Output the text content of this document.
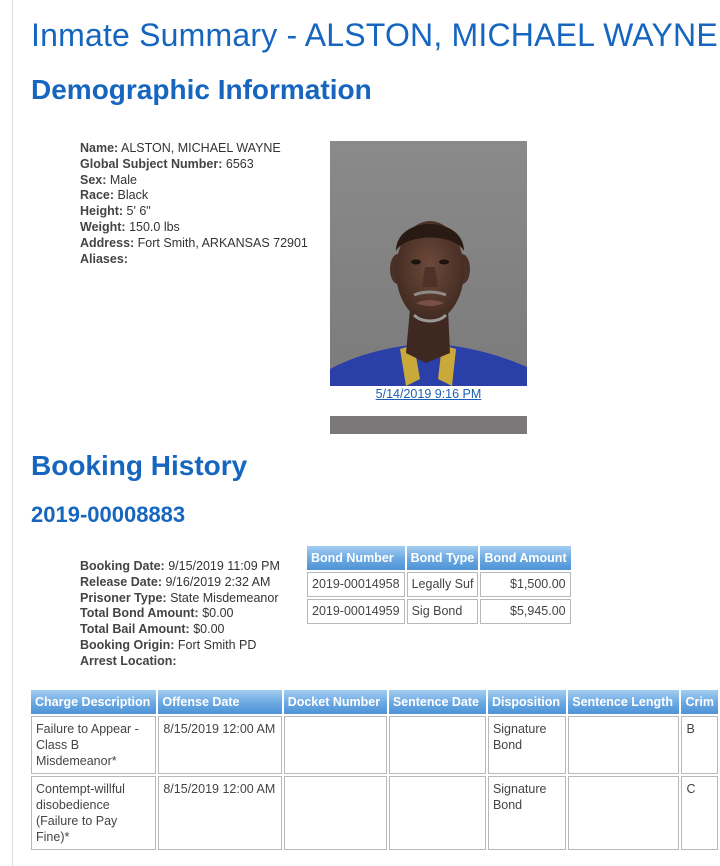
Inmate Summary - ALSTON, MICHAEL WAYNE
Demographic Information
Name: ALSTON, MICHAEL WAYNE
Global Subject Number: 6563
Sex: Male
Race: Black
Height: 5' 6"
Weight: 150.0 lbs
Address: Fort Smith, ARKANSAS 72901
Aliases:
5/14/2019 9:16 PM
Booking History
2019-00008883
Booking Date: 9/15/2019 11:09 PM
Release Date: 9/16/2019 2:32 AM
Prisoner Type: State Misdemeanor
Total Bond Amount: $0.00
Total Bail Amount: $0.00
Booking Origin: Fort Smith PD
Arrest Location:
Bond Number	Bond Type	Bond Amount
2019-00014958	Legally Suf	$1,500.00
2019-00014959	Sig Bond	$5,945.00
Charge Description	Offense Date	Docket Number	Sentence Date	Disposition	Sentence Length	Crim
Failure to Appear - Class B Misdemeanor*	8/15/2019 12:00 AM			Signature Bond		B
Contempt-willful disobedience (Failure to Pay Fine)*	8/15/2019 12:00 AM			Signature Bond		C
